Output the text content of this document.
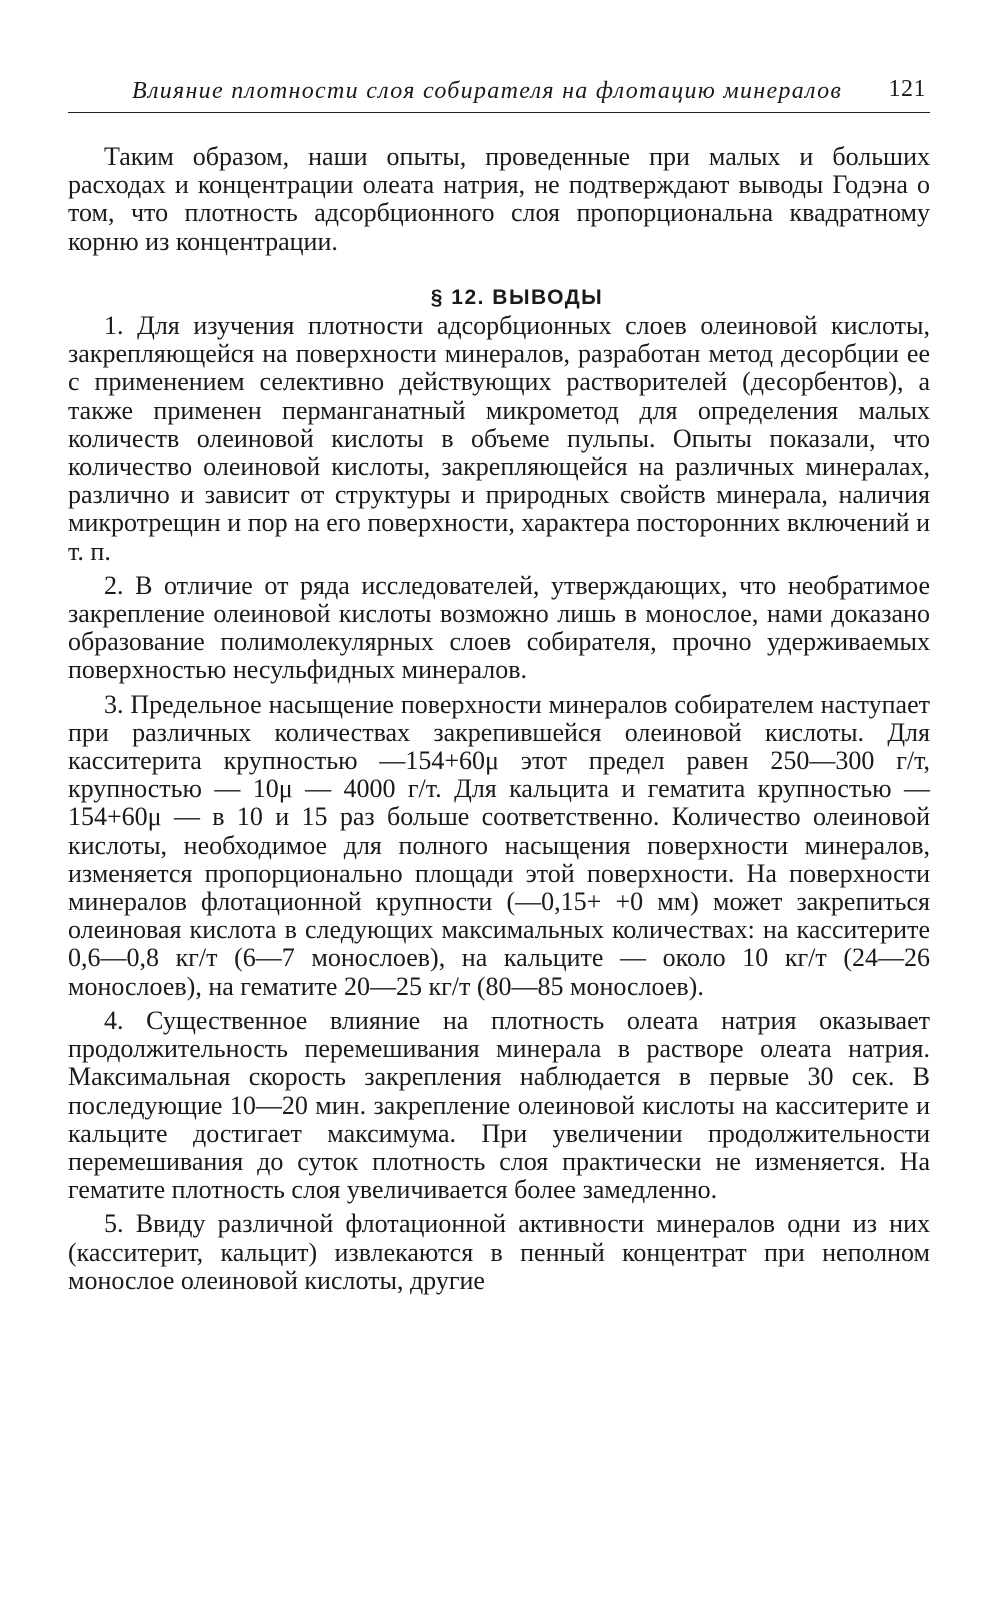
Влияние плотности слоя собирателя на флотацию минералов 121

Таким образом, наши опыты, проведенные при малых и больших расходах и концентрации олеата натрия, не подтверждают выводы Годэна о том, что плотность адсорбционного слоя пропорциональна квадратному корню из концентрации.

§ 12. ВЫВОДЫ

1. Для изучения плотности адсорбционных слоев олеиновой кислоты, закрепляющейся на поверхности минералов, разработан метод десорбции ее с применением селективно действующих растворителей (десорбентов), а также применен перманганатный микрометод для определения малых количеств олеиновой кислоты в объеме пульпы. Опыты показали, что количество олеиновой кислоты, закрепляющейся на различных минералах, различно и зависит от структуры и природных свойств минерала, наличия микротрещин и пор на его поверхности, характера посторонних включений и т. п.

2. В отличие от ряда исследователей, утверждающих, что необратимое закрепление олеиновой кислоты возможно лишь в монослое, нами доказано образование полимолекулярных слоев собирателя, прочно удерживаемых поверхностью несульфидных минералов.

3. Предельное насыщение поверхности минералов собирателем наступает при различных количествах закрепившейся олеиновой кислоты. Для касситерита крупностью —154+60μ этот предел равен 250—300 г/т, крупностью — 10μ — 4000 г/т. Для кальцита и гематита крупностью —154+60μ — в 10 и 15 раз больше соответственно. Количество олеиновой кислоты, необходимое для полного насыщения поверхности минералов, изменяется пропорционально площади этой поверхности. На поверхности минералов флотационной крупности (—0,15+ +0 мм) может закрепиться олеиновая кислота в следующих максимальных количествах: на касситерите 0,6—0,8 кг/т (6—7 монослоев), на кальците — около 10 кг/т (24—26 монослоев), на гематите 20—25 кг/т (80—85 монослоев).

4. Существенное влияние на плотность олеата натрия оказывает продолжительность перемешивания минерала в растворе олеата натрия. Максимальная скорость закрепления наблюдается в первые 30 сек. В последующие 10—20 мин. закрепление олеиновой кислоты на касситерите и кальците достигает максимума. При увеличении продолжительности перемешивания до суток плотность слоя практически не изменяется. На гематите плотность слоя увеличивается более замедленно.

5. Ввиду различной флотационной активности минералов одни из них (касситерит, кальцит) извлекаются в пенный концентрат при неполном монослое олеиновой кислоты, другие
